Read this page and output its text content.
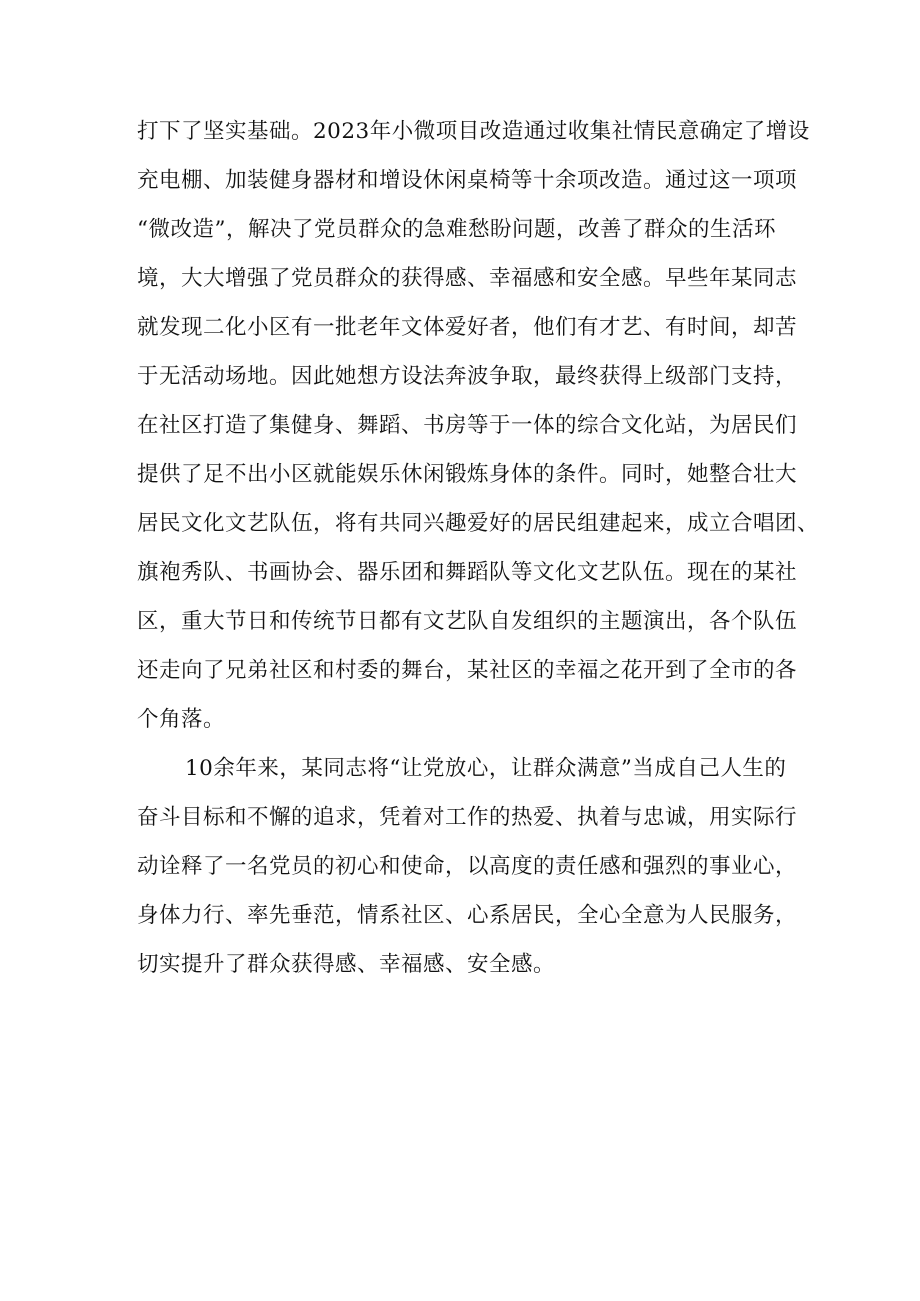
打下了坚实基础。2023年小微项目改造通过收集社情民意确定了增设
充电棚、加装健身器材和增设休闲桌椅等十余项改造。通过这一项项
“微改造”，解决了党员群众的急难愁盼问题，改善了群众的生活环
境，大大增强了党员群众的获得感、幸福感和安全感。早些年某同志
就发现二化小区有一批老年文体爱好者，他们有才艺、有时间，却苦
于无活动场地。因此她想方设法奔波争取，最终获得上级部门支持，
在社区打造了集健身、舞蹈、书房等于一体的综合文化站，为居民们
提供了足不出小区就能娱乐休闲锻炼身体的条件。同时，她整合壮大
居民文化文艺队伍，将有共同兴趣爱好的居民组建起来，成立合唱团、
旗袍秀队、书画协会、器乐团和舞蹈队等文化文艺队伍。现在的某社
区，重大节日和传统节日都有文艺队自发组织的主题演出，各个队伍
还走向了兄弟社区和村委的舞台，某社区的幸福之花开到了全市的各
个角落。
10余年来，某同志将“让党放心，让群众满意”当成自己人生的
奋斗目标和不懈的追求，凭着对工作的热爱、执着与忠诚，用实际行
动诠释了一名党员的初心和使命，以高度的责任感和强烈的事业心，
身体力行、率先垂范，情系社区、心系居民，全心全意为人民服务，
切实提升了群众获得感、幸福感、安全感。
